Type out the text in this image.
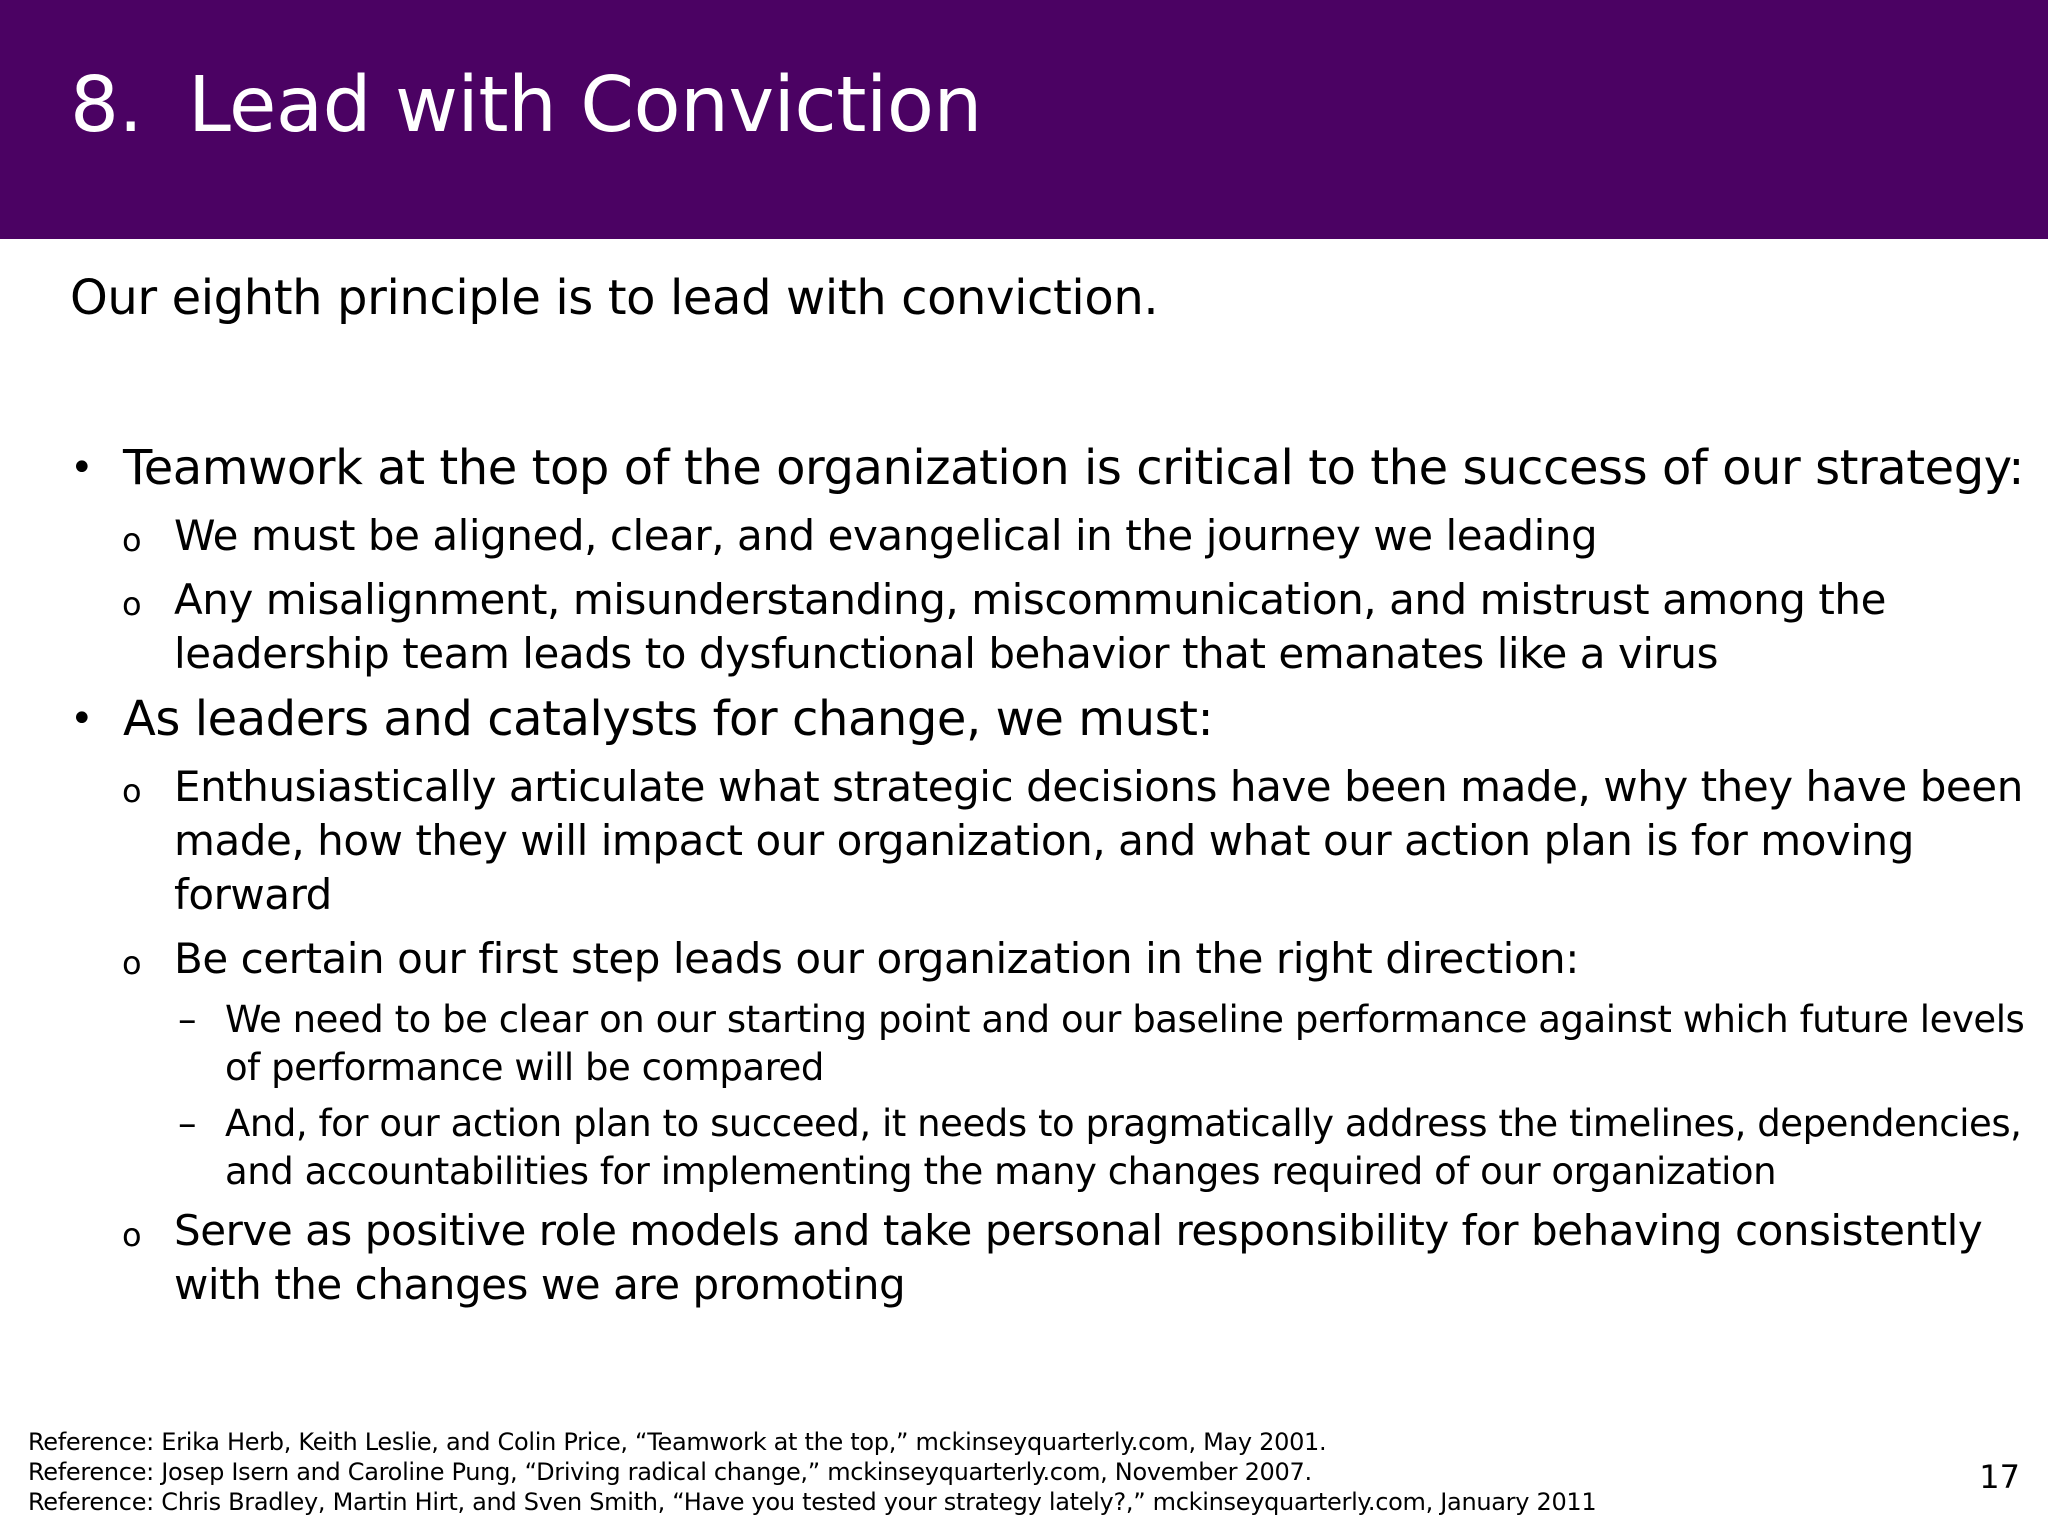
8. Lead with Conviction

Our eighth principle is to lead with conviction.

• Teamwork at the top of the organization is critical to the success of our strategy:
o We must be aligned, clear, and evangelical in the journey we leading
o Any misalignment, misunderstanding, miscommunication, and mistrust among the
leadership team leads to dysfunctional behavior that emanates like a virus
• As leaders and catalysts for change, we must:
o Enthusiastically articulate what strategic decisions have been made, why they have been
made, how they will impact our organization, and what our action plan is for moving
forward
o Be certain our first step leads our organization in the right direction:
– We need to be clear on our starting point and our baseline performance against which future levels
of performance will be compared
– And, for our action plan to succeed, it needs to pragmatically address the timelines, dependencies,
and accountabilities for implementing the many changes required of our organization
o Serve as positive role models and take personal responsibility for behaving consistently
with the changes we are promoting
Reference: Erika Herb, Keith Leslie, and Colin Price, “Teamwork at the top,” mckinseyquarterly.com, May 2001.
Reference: Josep Isern and Caroline Pung, “Driving radical change,” mckinseyquarterly.com, November 2007.
Reference: Chris Bradley, Martin Hirt, and Sven Smith, “Have you tested your strategy lately?,” mckinseyquarterly.com, January 2011
17
